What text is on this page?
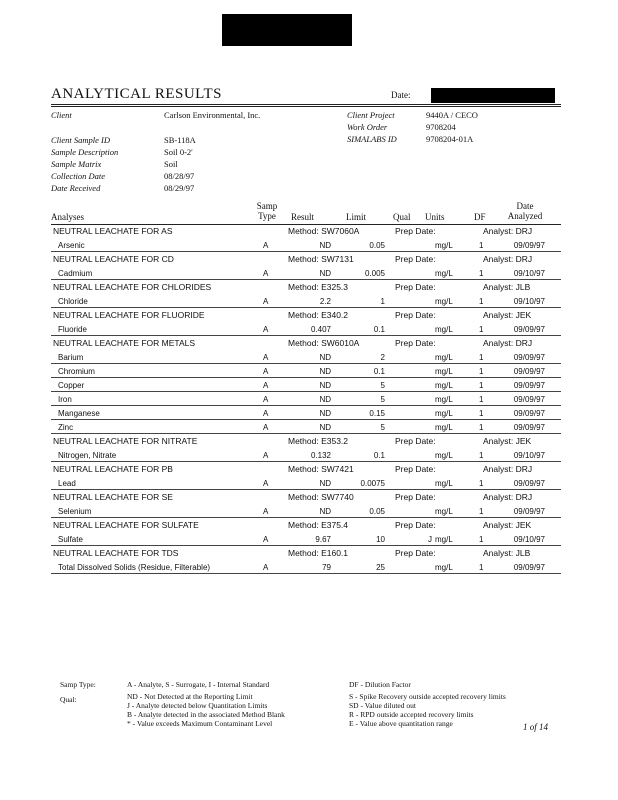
ANALYTICAL RESULTS	Date:
Client	Carlson Environmental, Inc.
Client Sample ID	SB-118A
Sample Description	Soil 0-2'
Sample Matrix	Soil
Collection Date	08/28/97
Date Received	08/29/97
Client Project	9440A / CECO
Work Order	9708204
SIMALABS ID	9708204-01A
Analyses
Samp Type	Result	Limit	Qual Units	DF
Date Analyzed
NEUTRAL LEACHATE FOR AS	Method: SW7060A	Prep Date:	Analyst: DRJ
Arsenic	A	ND	0.05	mg/L	1	09/09/97
NEUTRAL LEACHATE FOR CD	Method: SW7131	Prep Date:	Analyst: DRJ
Cadmium	A	ND	0.005	mg/L	1	09/10/97
NEUTRAL LEACHATE FOR CHLORIDES	Method: E325.3	Prep Date:	Analyst: JLB
Chloride	A	2.2	1	mg/L	1	09/10/97
NEUTRAL LEACHATE FOR FLUORIDE	Method: E340.2	Prep Date:	Analyst: JEK
Fluoride	A	0.407	0.1	mg/L	1	09/09/97
NEUTRAL LEACHATE FOR METALS	Method: SW6010A	Prep Date:	Analyst: DRJ
Barium	A	ND	2	mg/L	1	09/09/97
Chromium	A	ND	0.1	mg/L	1	09/09/97
Copper	A	ND	5	mg/L	1	09/09/97
Iron	A	ND	5	mg/L	1	09/09/97
Manganese	A	ND	0.15	mg/L	1	09/09/97
Zinc	A	ND	5	mg/L	1	09/09/97
NEUTRAL LEACHATE FOR NITRATE	Method: E353.2	Prep Date:	Analyst: JEK
Nitrogen, Nitrate	A	0.132	0.1	mg/L	1	09/10/97
NEUTRAL LEACHATE FOR PB	Method: SW7421	Prep Date:	Analyst: DRJ
Lead	A	ND	0.0075	mg/L	1	09/09/97
NEUTRAL LEACHATE FOR SE	Method: SW7740	Prep Date:	Analyst: DRJ
Selenium	A	ND	0.05	mg/L	1	09/09/97
NEUTRAL LEACHATE FOR SULFATE	Method: E375.4	Prep Date:	Analyst: JEK
Sulfate	A	9.67	10	J mg/L	1	09/10/97
NEUTRAL LEACHATE FOR TDS	Method: E160.1	Prep Date:	Analyst: JLB
Total Dissolved Solids (Residue, Filterable)	A	79	25	mg/L	1	09/09/97
Samp Type:	A - Analyte, S - Surrogate, I - Internal Standard	DF - Dilution Factor
Qual:	ND - Not Detected at the Reporting Limit
J - Analyte detected below Quantitation Limits
B - Analyte detected in the associated Method Blank
* - Value exceeds Maximum Contaminant Level
S - Spike Recovery outside accepted recovery limits
SD - Value diluted out
R - RPD outside accepted recovery limits
E - Value above quantitation range	1 of 14
